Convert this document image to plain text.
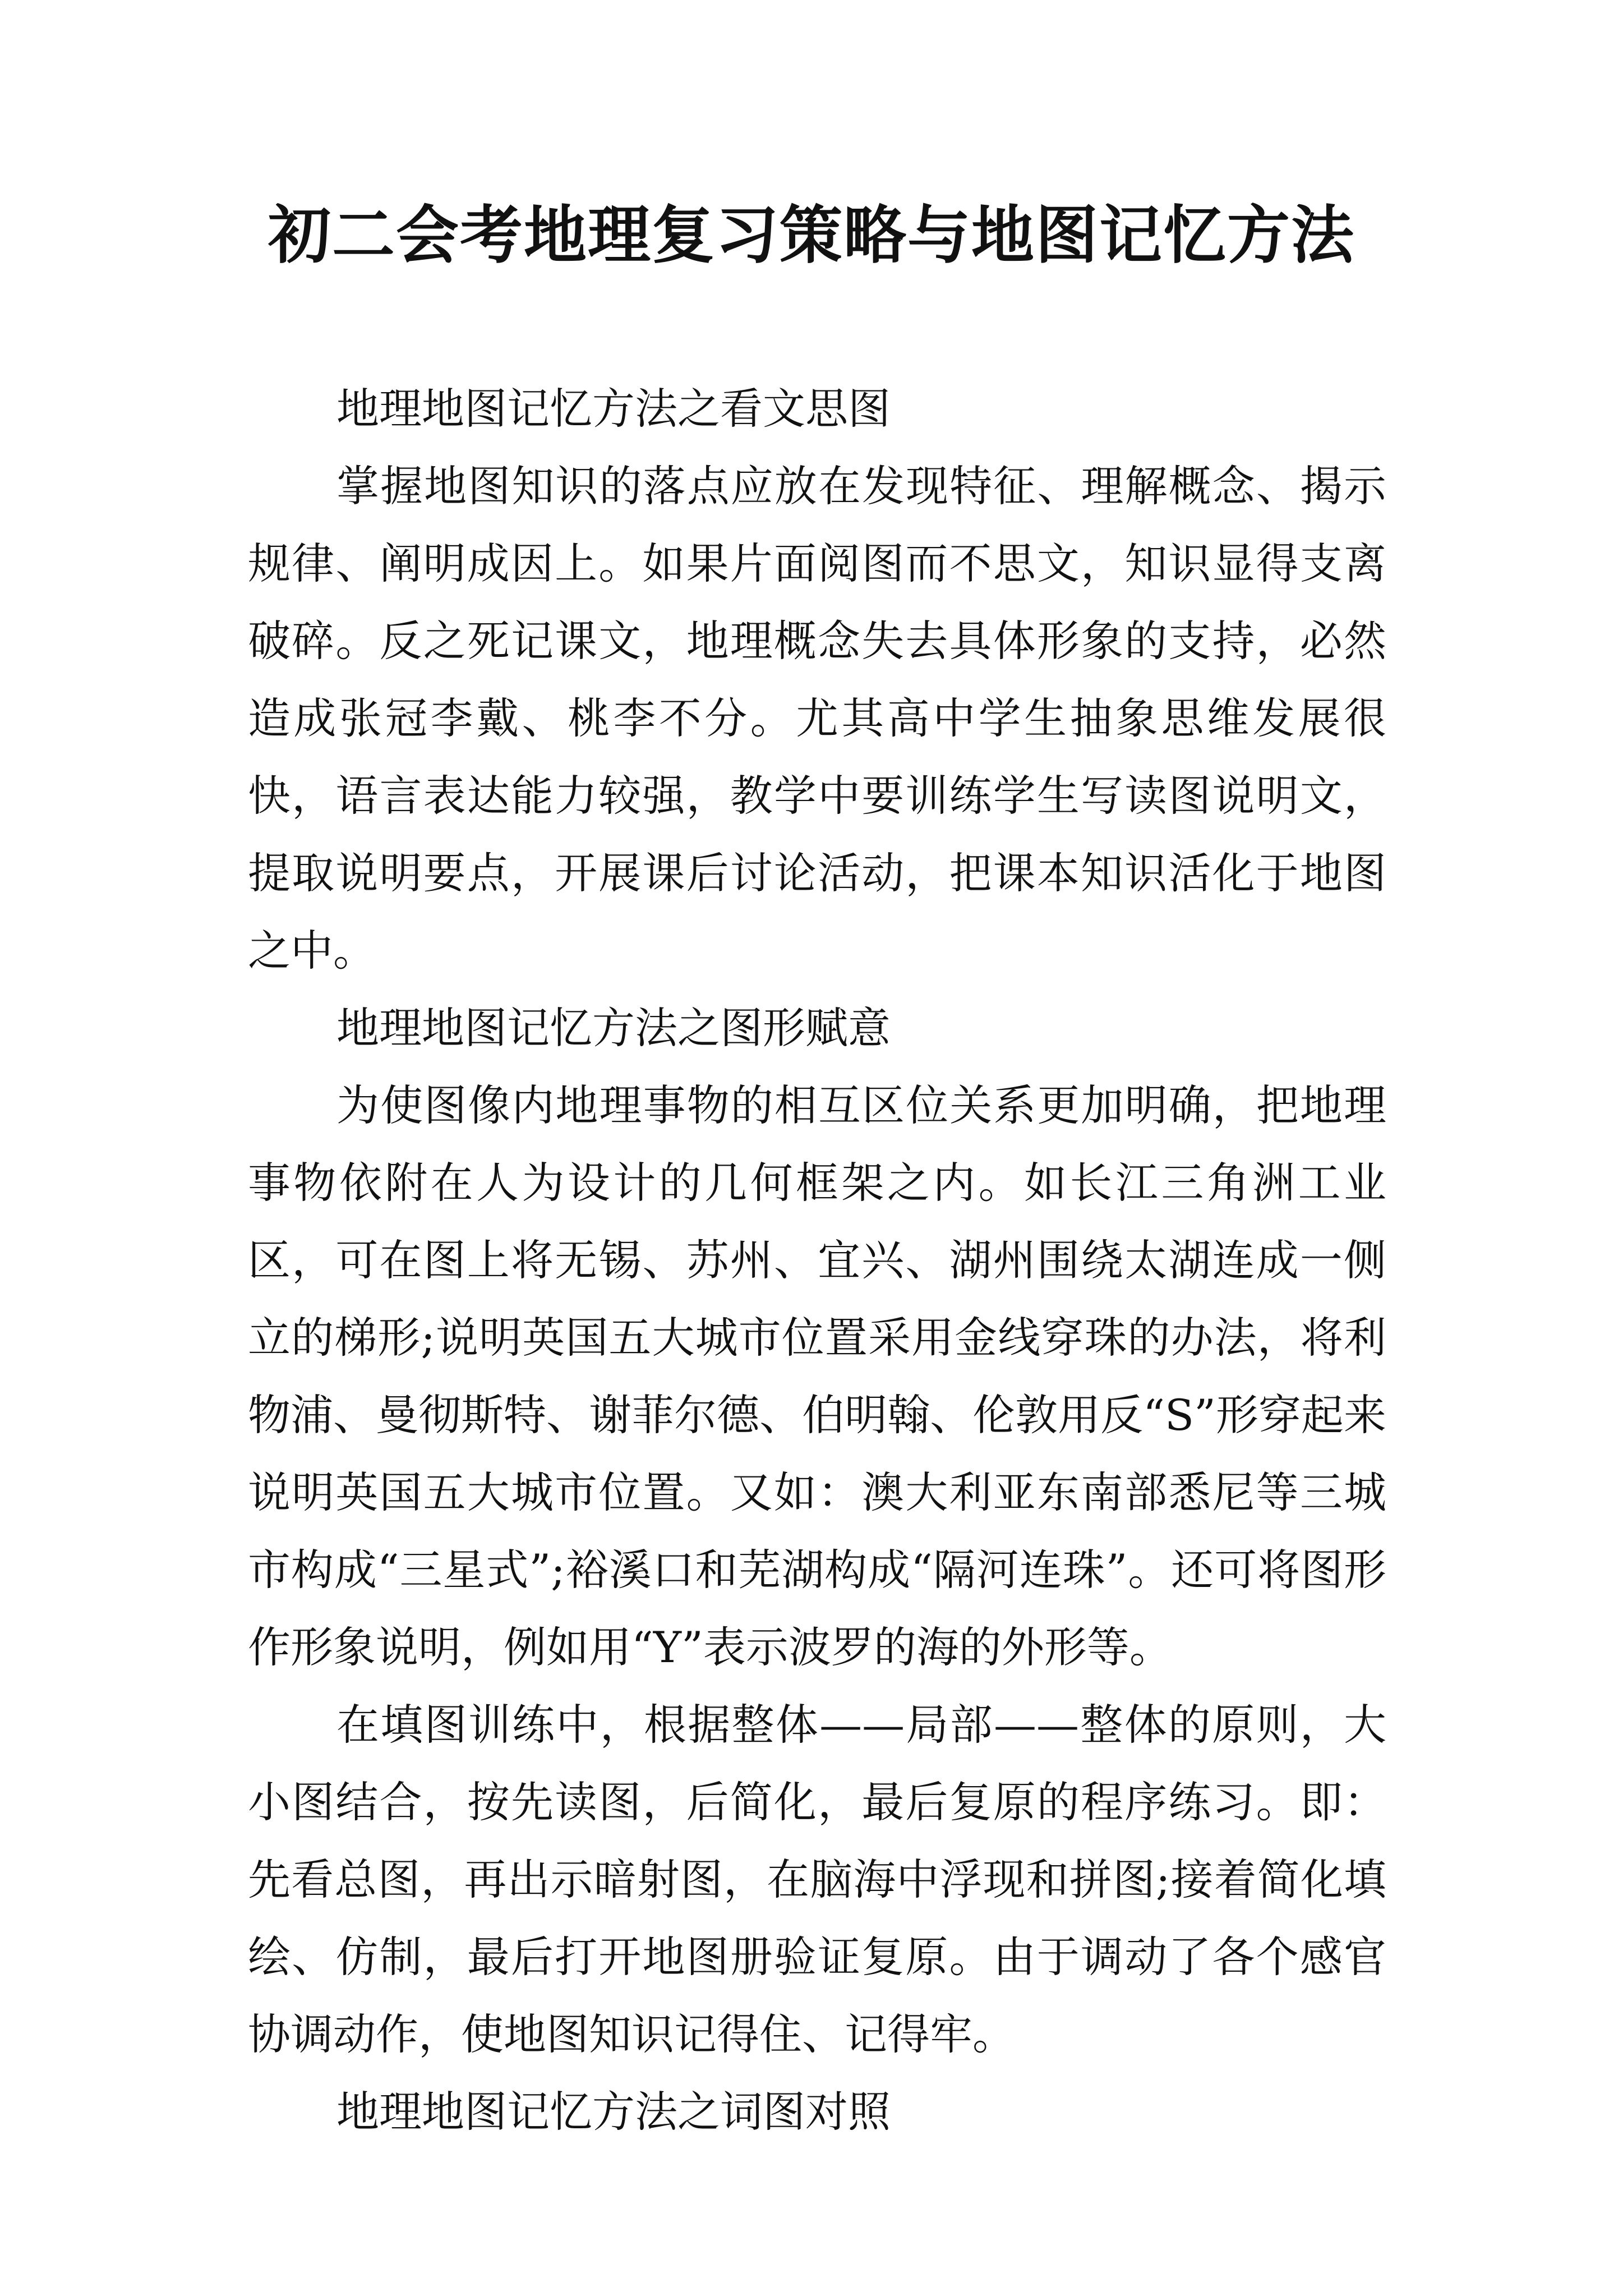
初二会考地理复习策略与地图记忆方法

地理地图记忆方法之看文思图

掌握地图知识的落点应放在发现特征、理解概念、揭示规律、阐明成因上。如果片面阅图而不思文，知识显得支离破碎。反之死记课文，地理概念失去具体形象的支持，必然造成张冠李戴、桃李不分。尤其高中学生抽象思维发展很快，语言表达能力较强，教学中要训练学生写读图说明文，提取说明要点，开展课后讨论活动，把课本知识活化于地图之中。

地理地图记忆方法之图形赋意

为使图像内地理事物的相互区位关系更加明确，把地理事物依附在人为设计的几何框架之内。如长江三角洲工业区，可在图上将无锡、苏州、宜兴、湖州围绕太湖连成一侧立的梯形;说明英国五大城市位置采用金线穿珠的办法，将利物浦、曼彻斯特、谢菲尔德、伯明翰、伦敦用反“S”形穿起来说明英国五大城市位置。又如：澳大利亚东南部悉尼等三城市构成“三星式”;裕溪口和芜湖构成“隔河连珠”。还可将图形作形象说明，例如用“Y”表示波罗的海的外形等。

在填图训练中，根据整体——局部——整体的原则，大小图结合，按先读图，后简化，最后复原的程序练习。即：先看总图，再出示暗射图，在脑海中浮现和拼图;接着简化填绘、仿制，最后打开地图册验证复原。由于调动了各个感官协调动作，使地图知识记得住、记得牢。

地理地图记忆方法之词图对照
